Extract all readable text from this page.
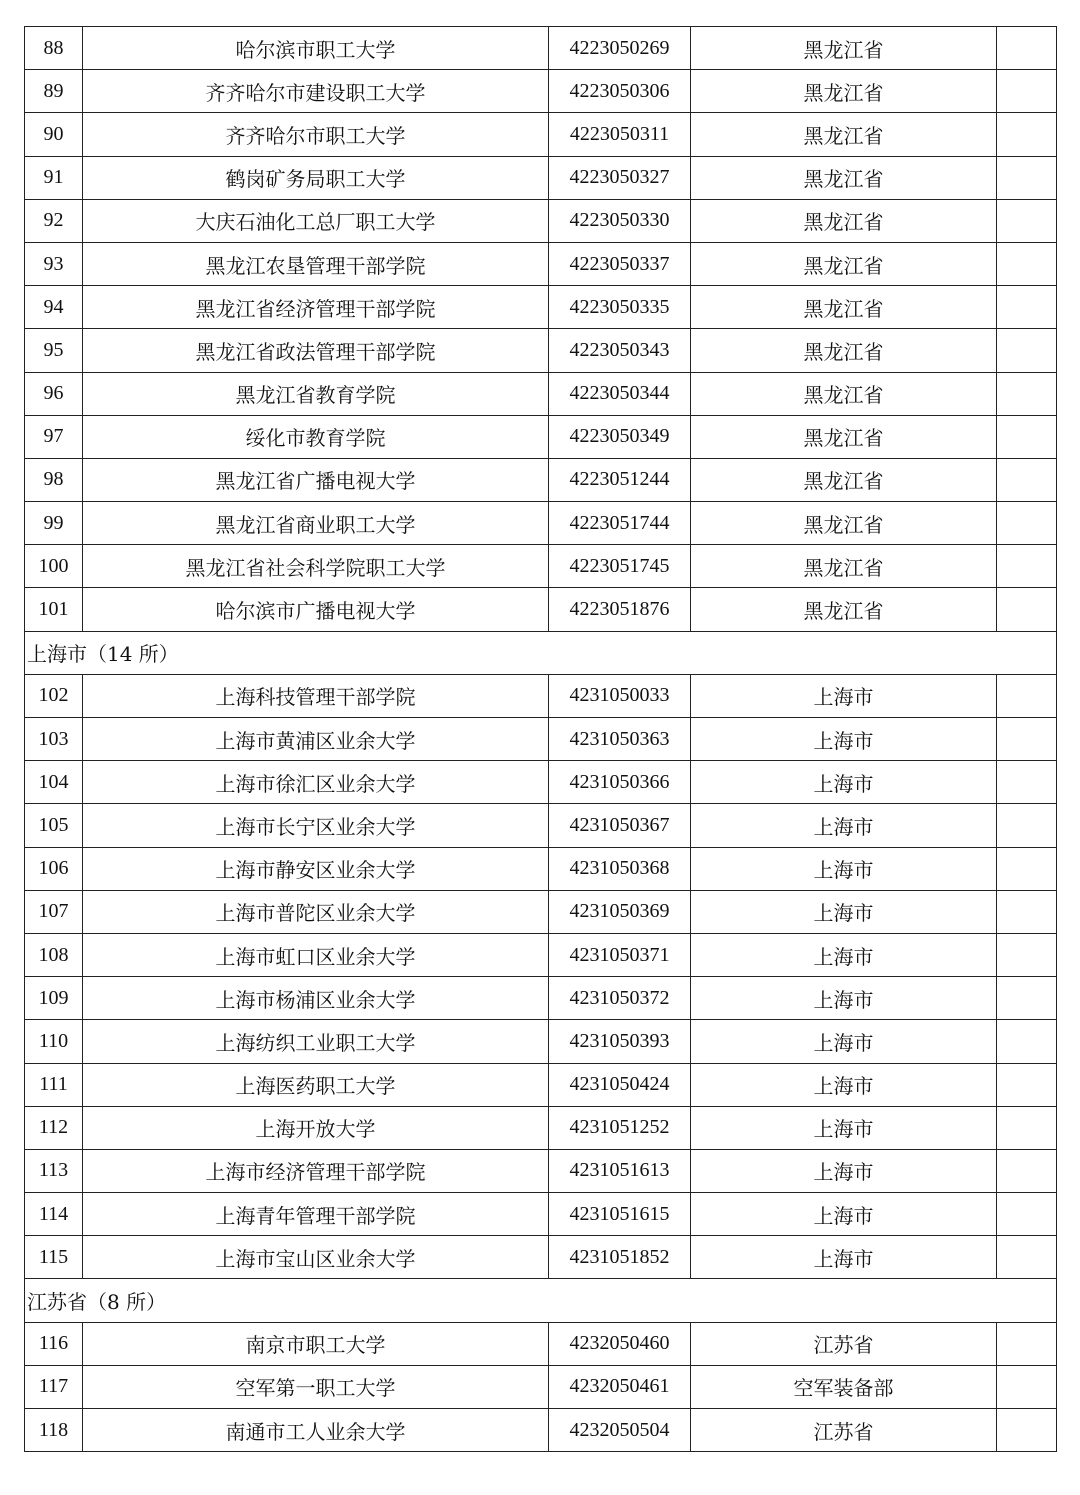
88	哈尔滨市职工大学	4223050269	黑龙江省	
89	齐齐哈尔市建设职工大学	4223050306	黑龙江省	
90	齐齐哈尔市职工大学	4223050311	黑龙江省	
91	鹤岗矿务局职工大学	4223050327	黑龙江省	
92	大庆石油化工总厂职工大学	4223050330	黑龙江省	
93	黑龙江农垦管理干部学院	4223050337	黑龙江省	
94	黑龙江省经济管理干部学院	4223050335	黑龙江省	
95	黑龙江省政法管理干部学院	4223050343	黑龙江省	
96	黑龙江省教育学院	4223050344	黑龙江省	
97	绥化市教育学院	4223050349	黑龙江省	
98	黑龙江省广播电视大学	4223051244	黑龙江省	
99	黑龙江省商业职工大学	4223051744	黑龙江省	
100	黑龙江省社会科学院职工大学	4223051745	黑龙江省	
101	哈尔滨市广播电视大学	4223051876	黑龙江省	
上海市（14 所）				
102	上海科技管理干部学院	4231050033	上海市	
103	上海市黄浦区业余大学	4231050363	上海市	
104	上海市徐汇区业余大学	4231050366	上海市	
105	上海市长宁区业余大学	4231050367	上海市	
106	上海市静安区业余大学	4231050368	上海市	
107	上海市普陀区业余大学	4231050369	上海市	
108	上海市虹口区业余大学	4231050371	上海市	
109	上海市杨浦区业余大学	4231050372	上海市	
110	上海纺织工业职工大学	4231050393	上海市	
111	上海医药职工大学	4231050424	上海市	
112	上海开放大学	4231051252	上海市	
113	上海市经济管理干部学院	4231051613	上海市	
114	上海青年管理干部学院	4231051615	上海市	
115	上海市宝山区业余大学	4231051852	上海市	
江苏省（8 所）				
116	南京市职工大学	4232050460	江苏省	
117	空军第一职工大学	4232050461	空军装备部	
118	南通市工人业余大学	4232050504	江苏省	
